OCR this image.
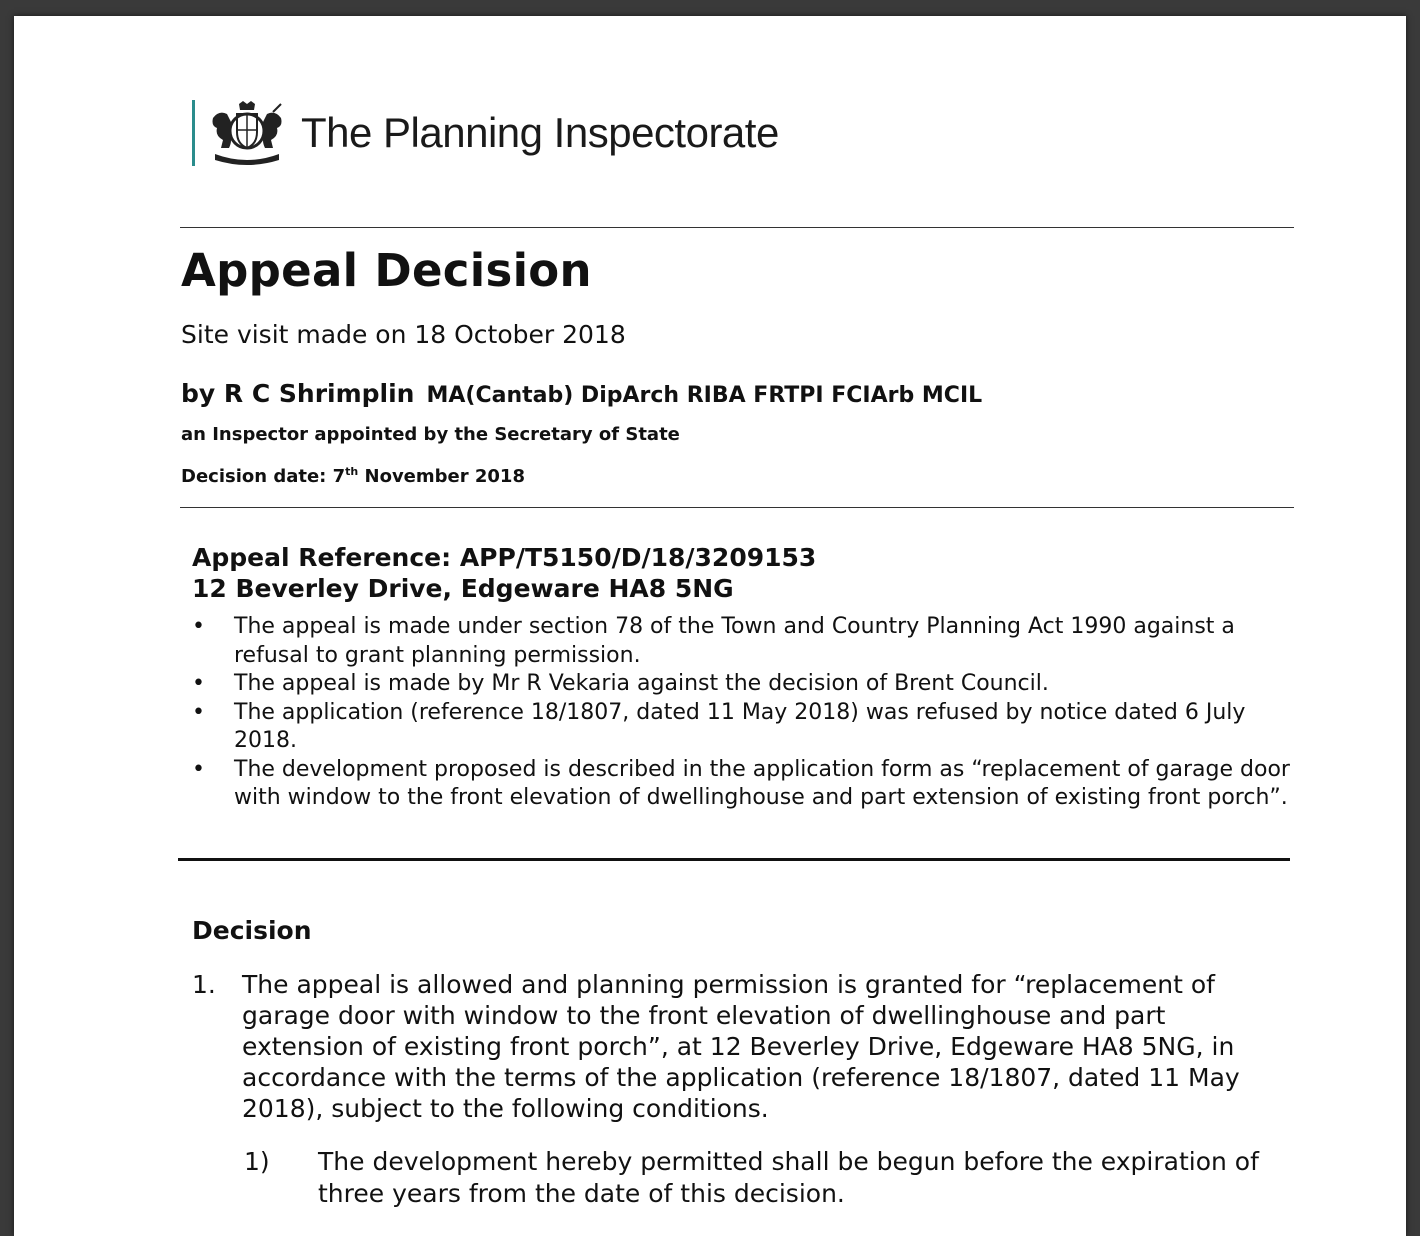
The Planning Inspectorate
Appeal Decision

Site visit made on 18 October 2018

by R C Shrimplin MA(Cantab) DipArch RIBA FRTPI FCIArb MCIL

an Inspector appointed by the Secretary of State

Decision date: 7th November 2018

Appeal Reference: APP/T5150/D/18/3209153
12 Beverley Drive, Edgeware HA8 5NG
• The appeal is made under section 78 of the Town and Country Planning Act 1990 against a refusal to grant planning permission.
• The appeal is made by Mr R Vekaria against the decision of Brent Council.
• The application (reference 18/1807, dated 11 May 2018) was refused by notice dated 6 July 2018.
• The development proposed is described in the application form as “replacement of garage door with window to the front elevation of dwellinghouse and part extension of existing front porch”.
Decision
1.	The appeal is allowed and planning permission is granted for “replacement of garage door with window to the front elevation of dwellinghouse and part extension of existing front porch”, at 12 Beverley Drive, Edgeware HA8 5NG, in accordance with the terms of the application (reference 18/1807, dated 11 May 2018), subject to the following conditions.
1)	The development hereby permitted shall be begun before the expiration of three years from the date of this decision.
